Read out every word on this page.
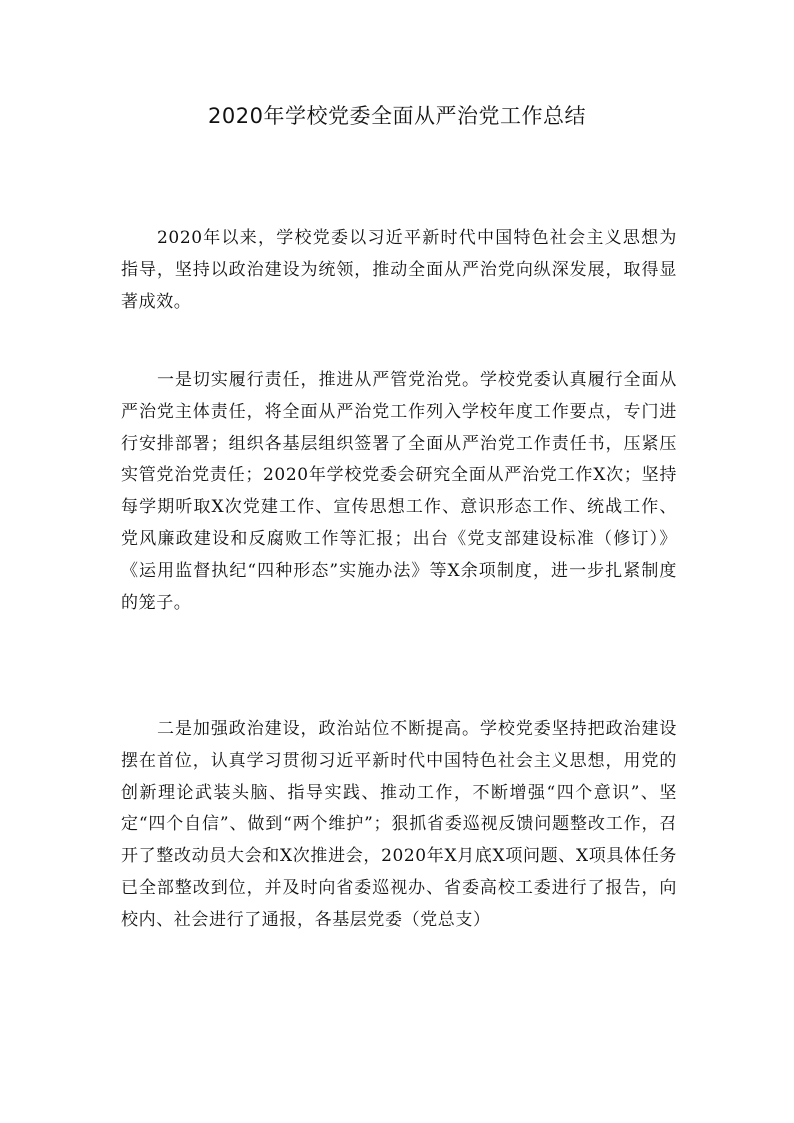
2020年学校党委全面从严治党工作总结

2020年以来，学校党委以习近平新时代中国特色社会主义思想为指导，坚持以政治建设为统领，推动全面从严治党向纵深发展，取得显著成效。

一是切实履行责任，推进从严管党治党。学校党委认真履行全面从严治党主体责任，将全面从严治党工作列入学校年度工作要点，专门进行安排部署；组织各基层组织签署了全面从严治党工作责任书，压紧压实管党治党责任；2020年学校党委会研究全面从严治党工作X次；坚持每学期听取X次党建工作、宣传思想工作、意识形态工作、统战工作、党风廉政建设和反腐败工作等汇报；出台《党支部建设标准（修订）》《运用监督执纪“四种形态”实施办法》等X余项制度，进一步扎紧制度的笼子。

二是加强政治建设，政治站位不断提高。学校党委坚持把政治建设摆在首位，认真学习贯彻习近平新时代中国特色社会主义思想，用党的创新理论武装头脑、指导实践、推动工作，不断增强“四个意识”、坚定“四个自信”、做到“两个维护”；狠抓省委巡视反馈问题整改工作，召开了整改动员大会和X次推进会，2020年X月底X项问题、X项具体任务已全部整改到位，并及时向省委巡视办、省委高校工委进行了报告，向校内、社会进行了通报，各基层党委（党总支）
